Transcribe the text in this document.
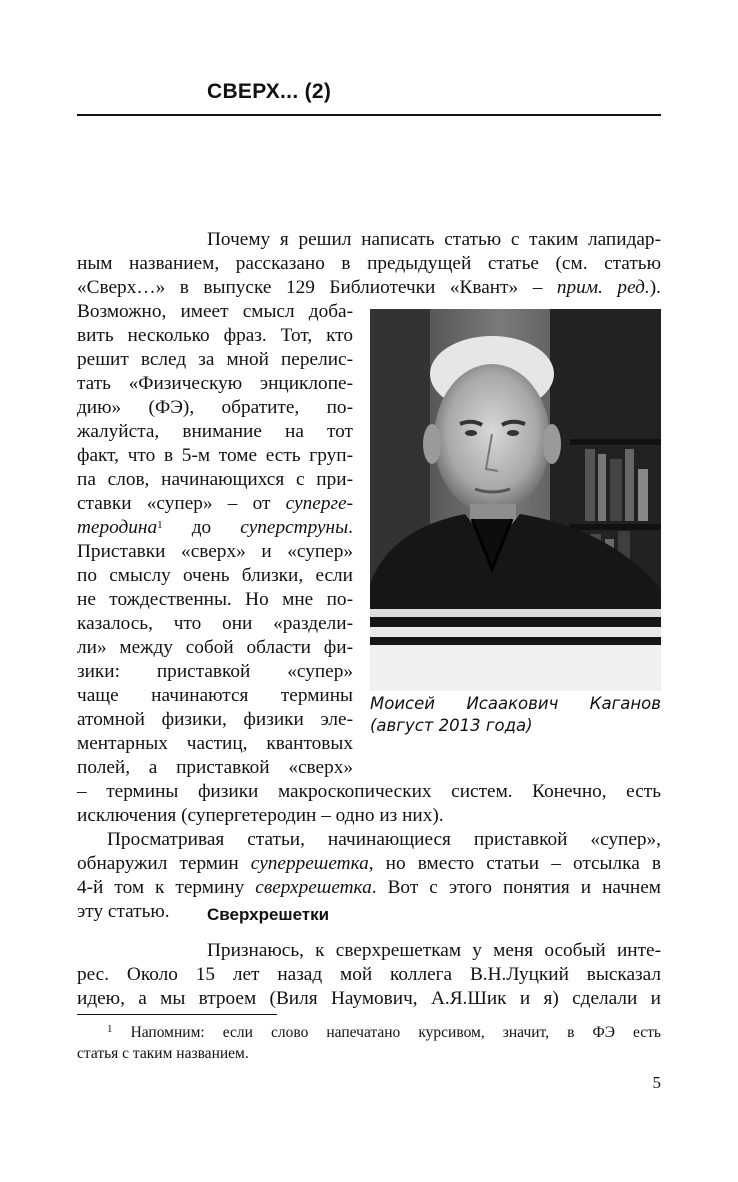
СВЕРХ... (2)
Почему я решил написать статью с таким лапидар-
ным названием, рассказано в предыдущей статье (см. статью
«Сверх…» в выпуске 129 Библиотечки «Квант» – прим. ред.).
Возможно, имеет смысл доба-
вить несколько фраз. Тот, кто
решит вслед за мной перелис-
тать «Физическую энциклопе-
дию» (ФЭ), обратите, по-
жалуйста, внимание на тот
факт, что в 5-м томе есть груп-
па слов, начинающихся с при-
ставки «супер» – от суперге-
теродина$^1$ до суперструны.
Приставки «сверх» и «супер»
по смыслу очень близки, если
не тождественны. Но мне по-
казалось, что они «раздели-
ли» между собой области фи-
зики: приставкой «супер»
чаще начинаются термины
атомной физики, физики эле-
ментарных частиц, квантовых
полей, а приставкой «сверх»
Моисей Исаакович Каганов
(август 2013 года)
– термины физики макроскопических систем. Конечно, есть
исключения (супергетеродин – одно из них).
Просматривая статьи, начинающиеся приставкой «супер»,
обнаружил термин суперрешетка, но вместо статьи – отсылка в
4-й том к термину сверхрешетка. Вот с этого понятия и начнем
эту статью.	Сверхрешетки
Признаюсь, к сверхрешеткам у меня особый инте-
рес. Около 15 лет назад мой коллега В.Н.Луцкий высказал
идею, а мы втроем (Виля Наумович, А.Я.Шик и я) сделали и
$^1$ Напомним: если слово напечатано курсивом, значит, в ФЭ есть
статья с таким названием.
5
